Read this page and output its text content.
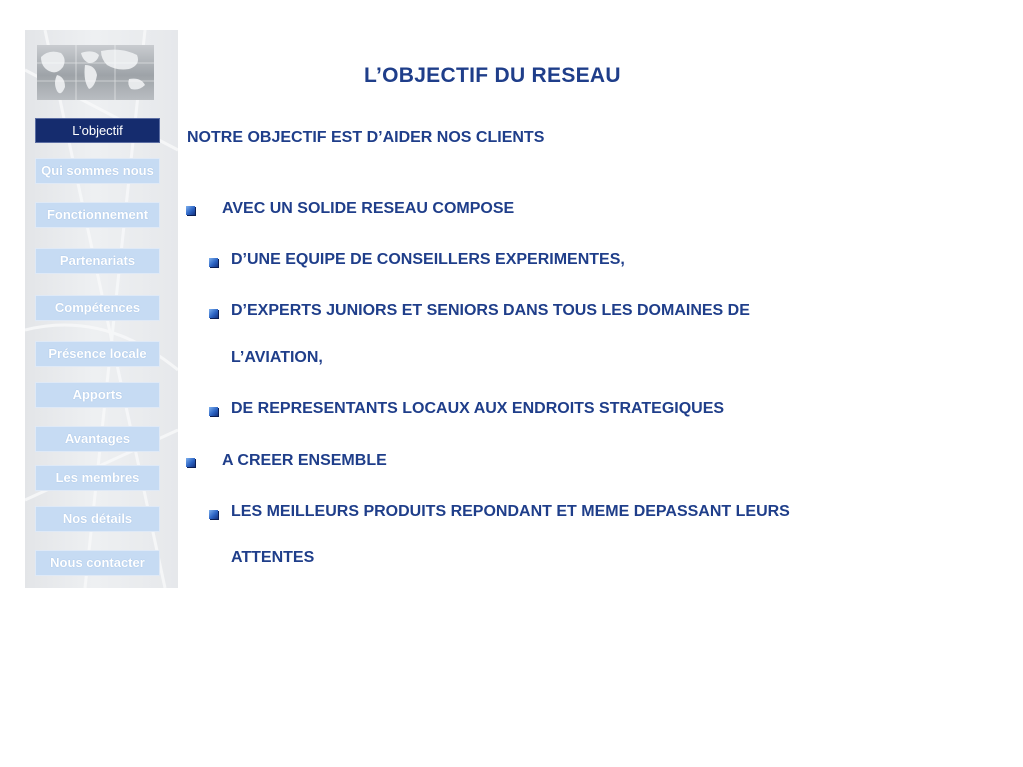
L’objectif
Qui sommes nous
Fonctionnement
Partenariats
Compétences
Présence locale
Apports
Avantages
Les membres
Nos détails
Nous contacter
L’OBJECTIF DU RESEAU
NOTRE OBJECTIF EST D’AIDER NOS CLIENTS
AVEC UN SOLIDE RESEAU COMPOSE
D’UNE EQUIPE DE CONSEILLERS EXPERIMENTES,
D’EXPERTS JUNIORS ET SENIORS DANS TOUS LES DOMAINES DE
L’AVIATION,
DE REPRESENTANTS LOCAUX AUX ENDROITS STRATEGIQUES
A CREER ENSEMBLE
LES MEILLEURS PRODUITS REPONDANT ET MEME DEPASSANT LEURS
ATTENTES
